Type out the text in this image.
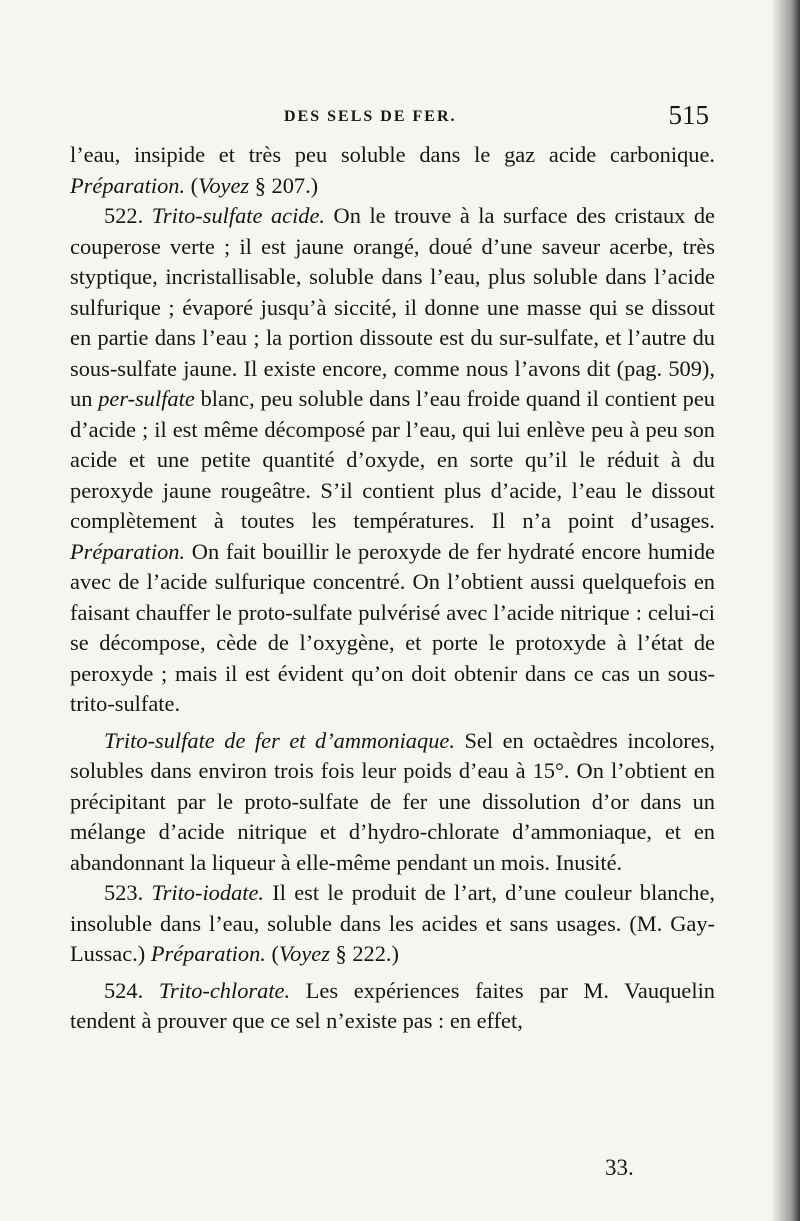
DES SELS DE FER.	515

l’eau, insipide et très peu soluble dans le gaz acide carbonique. Préparation. (Voyez § 207.)

522. Trito-sulfate acide. On le trouve à la surface des cristaux de couperose verte ; il est jaune orangé, doué d’une saveur acerbe, très styptique, incristallisable, soluble dans l’eau, plus soluble dans l’acide sulfurique ; évaporé jusqu’à siccité, il donne une masse qui se dissout en partie dans l’eau ; la portion dissoute est du sur-sulfate, et l’autre du sous-sulfate jaune. Il existe encore, comme nous l’avons dit (pag. 509), un per-sulfate blanc, peu soluble dans l’eau froide quand il contient peu d’acide ; il est même décomposé par l’eau, qui lui enlève peu à peu son acide et une petite quantité d’oxyde, en sorte qu’il le réduit à du peroxyde jaune rougeâtre. S’il contient plus d’acide, l’eau le dissout complètement à toutes les températures. Il n’a point d’usages. Préparation. On fait bouillir le peroxyde de fer hydraté encore humide avec de l’acide sulfurique concentré. On l’obtient aussi quelquefois en faisant chauffer le proto-sulfate pulvérisé avec l’acide nitrique : celui-ci se décompose, cède de l’oxygène, et porte le protoxyde à l’état de peroxyde ; mais il est évident qu’on doit obtenir dans ce cas un sous-trito-sulfate.

Trito-sulfate de fer et d’ammoniaque. Sel en octaèdres incolores, solubles dans environ trois fois leur poids d’eau à 15°. On l’obtient en précipitant par le proto-sulfate de fer une dissolution d’or dans un mélange d’acide nitrique et d’hydro-chlorate d’ammoniaque, et en abandonnant la liqueur à elle-même pendant un mois. Inusité.

523. Trito-iodate. Il est le produit de l’art, d’une couleur blanche, insoluble dans l’eau, soluble dans les acides et sans usages. (M. Gay-Lussac.) Préparation. (Voyez § 222.)

524. Trito-chlorate. Les expériences faites par M. Vauquelin tendent à prouver que ce sel n’existe pas : en effet,

33.
